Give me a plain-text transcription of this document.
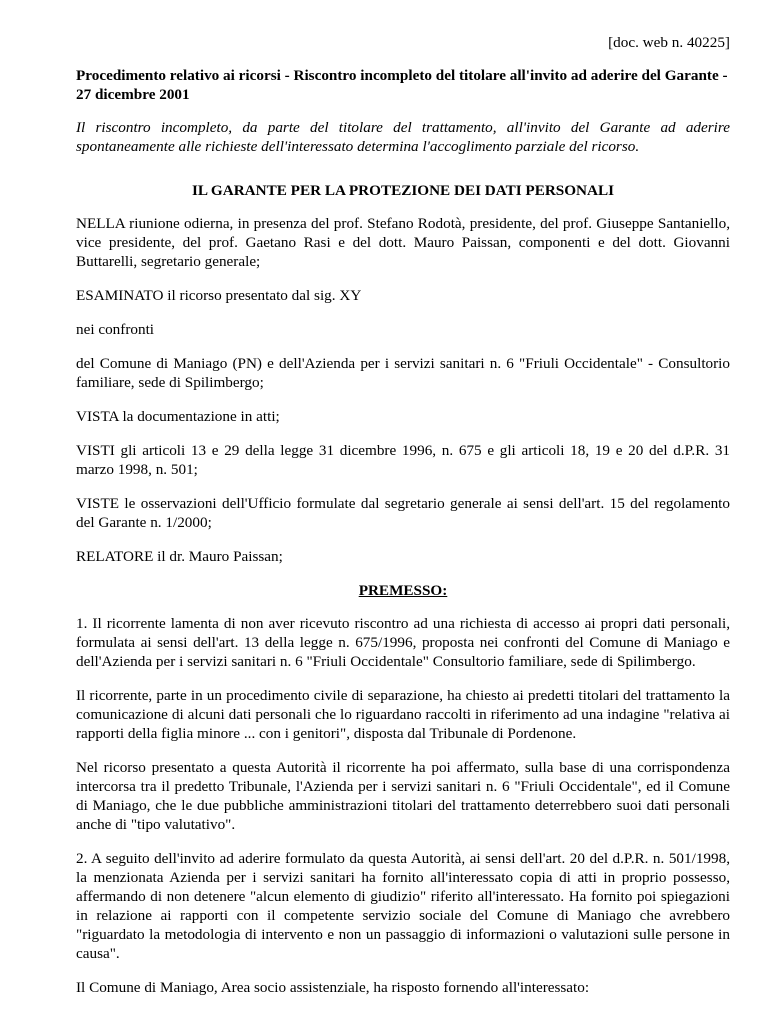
[doc. web n. 40225]
Procedimento relativo ai ricorsi - Riscontro incompleto del titolare all'invito ad aderire del Garante - 27 dicembre 2001
Il riscontro incompleto, da parte del titolare del trattamento, all'invito del Garante ad aderire spontaneamente alle richieste dell'interessato determina l'accoglimento parziale del ricorso.
IL GARANTE PER LA PROTEZIONE DEI DATI PERSONALI
NELLA riunione odierna, in presenza del prof. Stefano Rodotà, presidente, del prof. Giuseppe Santaniello, vice presidente, del prof. Gaetano Rasi e del dott. Mauro Paissan, componenti e del dott. Giovanni Buttarelli, segretario generale;
ESAMINATO il ricorso presentato dal sig. XY
nei confronti
del Comune di Maniago (PN) e dell'Azienda per i servizi sanitari n. 6 "Friuli Occidentale" - Consultorio familiare, sede di Spilimbergo;
VISTA la documentazione in atti;
VISTI gli articoli 13 e 29 della legge 31 dicembre 1996, n. 675 e gli articoli 18, 19 e 20 del d.P.R. 31 marzo 1998, n. 501;
VISTE le osservazioni dell'Ufficio formulate dal segretario generale ai sensi dell'art. 15 del regolamento del Garante n. 1/2000;
RELATORE il dr. Mauro Paissan;
PREMESSO:
1. Il ricorrente lamenta di non aver ricevuto riscontro ad una richiesta di accesso ai propri dati personali, formulata ai sensi dell'art. 13 della legge n. 675/1996, proposta nei confronti del Comune di Maniago e dell'Azienda per i servizi sanitari n. 6 "Friuli Occidentale" Consultorio familiare, sede di Spilimbergo.
Il ricorrente, parte in un procedimento civile di separazione, ha chiesto ai predetti titolari del trattamento la comunicazione di alcuni dati personali che lo riguardano raccolti in riferimento ad una indagine "relativa ai rapporti della figlia minore ... con i genitori", disposta dal Tribunale di Pordenone.
Nel ricorso presentato a questa Autorità il ricorrente ha poi affermato, sulla base di una corrispondenza intercorsa tra il predetto Tribunale, l'Azienda per i servizi sanitari n. 6 "Friuli Occidentale", ed il Comune di Maniago, che le due pubbliche amministrazioni titolari del trattamento deterrebbero suoi dati personali anche di "tipo valutativo".
2. A seguito dell'invito ad aderire formulato da questa Autorità, ai sensi dell'art. 20 del d.P.R. n. 501/1998, la menzionata Azienda per i servizi sanitari ha fornito all'interessato copia di atti in proprio possesso, affermando di non detenere "alcun elemento di giudizio" riferito all'interessato. Ha fornito poi spiegazioni in relazione ai rapporti con il competente servizio sociale del Comune di Maniago che avrebbero "riguardato la metodologia di intervento e non un passaggio di informazioni o valutazioni sulle persone in causa".
Il Comune di Maniago, Area socio assistenziale, ha risposto fornendo all'interessato:
